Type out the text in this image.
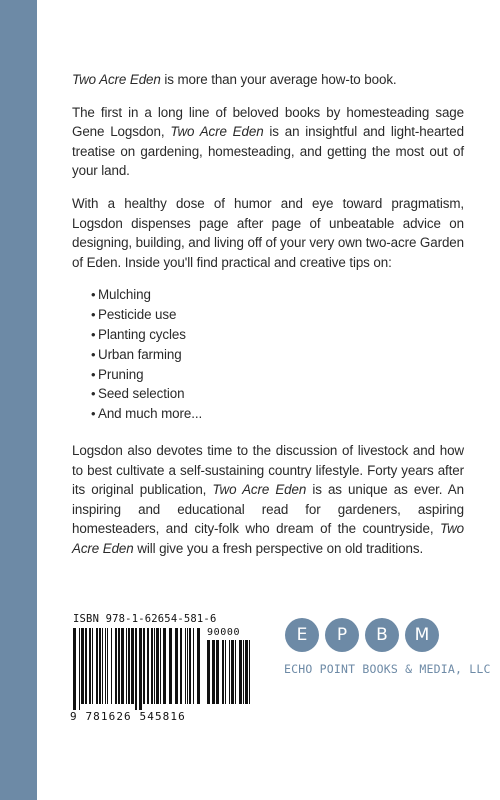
Two Acre Eden is more than your average how-to book.

The first in a long line of beloved books by homesteading sage Gene Logsdon, Two Acre Eden is an insightful and light-hearted treatise on gardening, homesteading, and getting the most out of your land.

With a healthy dose of humor and eye toward pragmatism, Logsdon dispenses page after page of unbeatable advice on designing, building, and living off of your very own two-acre Garden of Eden. Inside you'll find practical and creative tips on:

• Mulching
• Pesticide use
• Planting cycles
• Urban farming
• Pruning
• Seed selection
• And much more...

Logsdon also devotes time to the discussion of livestock and how to best cultivate a self-sustaining country lifestyle. Forty years after its original publication, Two Acre Eden is as unique as ever. An inspiring and educational read for gardeners, aspiring homesteaders, and city-folk who dream of the countryside, Two Acre Eden will give you a fresh perspective on old traditions.

ISBN 978-1-62654-581-6
90000
9 781626 545816
E	P	B	M
ECHO POINT BOOKS & MEDIA, LLC
